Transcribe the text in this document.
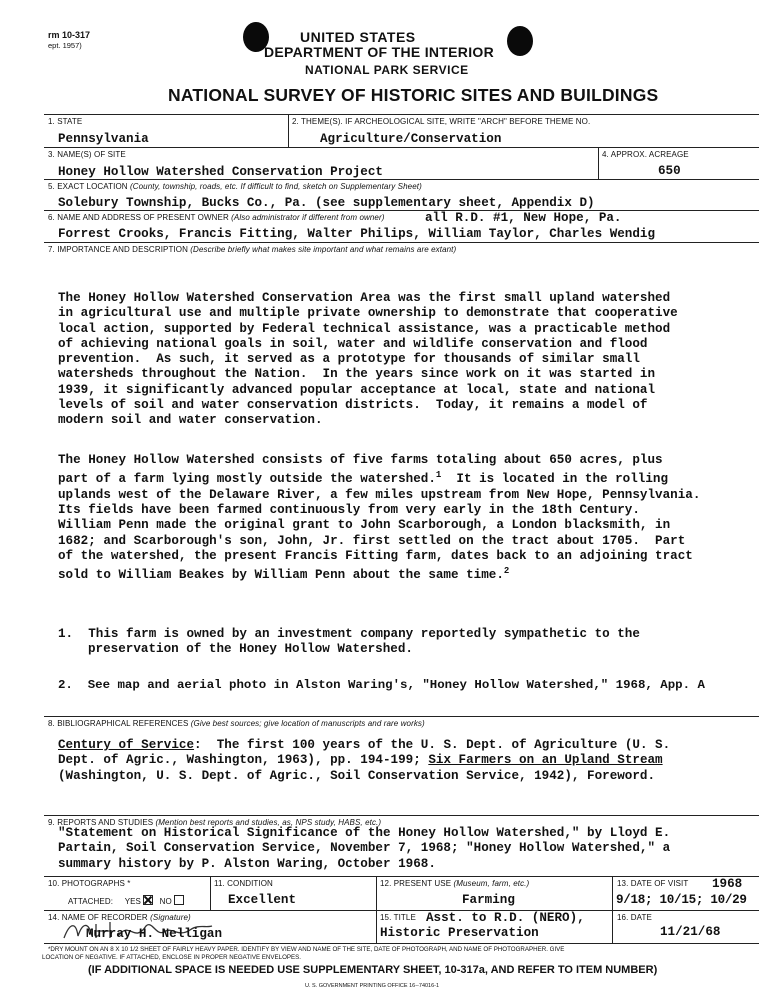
rm 10-317
ept. 1957)
UNITED STATES
DEPARTMENT OF THE INTERIOR
NATIONAL PARK SERVICE
NATIONAL SURVEY OF HISTORIC SITES AND BUILDINGS
1. STATE
Pennsylvania
2. THEME(S). IF ARCHEOLOGICAL SITE, WRITE "ARCH" BEFORE THEME NO.
Agriculture/Conservation
3. NAME(S) OF SITE
Honey Hollow Watershed Conservation Project
4. APPROX. ACREAGE
650
5. EXACT LOCATION (County, township, roads, etc. If difficult to find, sketch on Supplementary Sheet)
Solebury Township, Bucks Co., Pa. (see supplementary sheet, Appendix D)
6. NAME AND ADDRESS OF PRESENT OWNER (Also administrator if different from owner)	all R.D. #1, New Hope, Pa.
Forrest Crooks, Francis Fitting, Walter Philips, William Taylor, Charles Wendig
7. IMPORTANCE AND DESCRIPTION (Describe briefly what makes site important and what remains are extant)
The Honey Hollow Watershed Conservation Area was the first small upland watershed
in agricultural use and multiple private ownership to demonstrate that cooperative
local action, supported by Federal technical assistance, was a practicable method
of achieving national goals in soil, water and wildlife conservation and flood
prevention.  As such, it served as a prototype for thousands of similar small
watersheds throughout the Nation.  In the years since work on it was started in
1939, it significantly advanced popular acceptance at local, state and national
levels of soil and water conservation districts.  Today, it remains a model of
modern soil and water conservation.
The Honey Hollow Watershed consists of five farms totaling about 650 acres, plus
part of a farm lying mostly outside the watershed.$^1$ It is located in the rolling
uplands west of the Delaware River, a few miles upstream from New Hope, Pennsylvania.
Its fields have been farmed continuously from very early in the 18th Century.
William Penn made the original grant to John Scarborough, a London blacksmith, in
1682; and Scarborough's son, John, Jr. first settled on the tract about 1705.  Part
of the watershed, the present Francis Fitting farm, dates back to an adjoining tract
sold to William Beakes by William Penn about the same time.$^2$
1.  This farm is owned by an investment company reportedly sympathetic to the
preservation of the Honey Hollow Watershed.
2.  See map and aerial photo in Alston Waring's, "Honey Hollow Watershed," 1968, App. A
8. BIBLIOGRAPHICAL REFERENCES (Give best sources; give location of manuscripts and rare works)
Century of Service:  The first 100 years of the U. S. Dept. of Agriculture (U. S.
Dept. of Agric., Washington, 1963), pp. 194-199; Six Farmers on an Upland Stream
(Washington, U. S. Dept. of Agric., Soil Conservation Service, 1942), Foreword.
9. REPORTS AND STUDIES (Mention best reports and studies, as, NPS study, HABS, etc.)
"Statement on Historical Significance of the Honey Hollow Watershed," by Lloyd E.
Partain, Soil Conservation Service, November 7, 1968; "Honey Hollow Watershed," a
summary history by P. Alston Waring, October 1968.
10. PHOTOGRAPHS *
ATTACHED: YES NO
11. CONDITION
Excellent
12. PRESENT USE (Museum, farm, etc.)
Farming
13. DATE OF VISIT 1968
9/18; 10/15; 10/29
14. NAME OF RECORDER (Signature)
Murray H. Nelligan
15. TITLE Asst. to R.D. (NERO),
Historic Preservation
16. DATE
11/21/68
*DRY MOUNT ON AN 8 X 10 1/2 SHEET OF FAIRLY HEAVY PAPER. IDENTIFY BY VIEW AND NAME OF THE SITE, DATE OF PHOTOGRAPH, AND NAME OF PHOTOGRAPHER. GIVE
LOCATION OF NEGATIVE. IF ATTACHED, ENCLOSE IN PROPER NEGATIVE ENVELOPES.
(IF ADDITIONAL SPACE IS NEEDED USE SUPPLEMENTARY SHEET, 10-317a, AND REFER TO ITEM NUMBER)
U. S. GOVERNMENT PRINTING OFFICE 16--74016-1
